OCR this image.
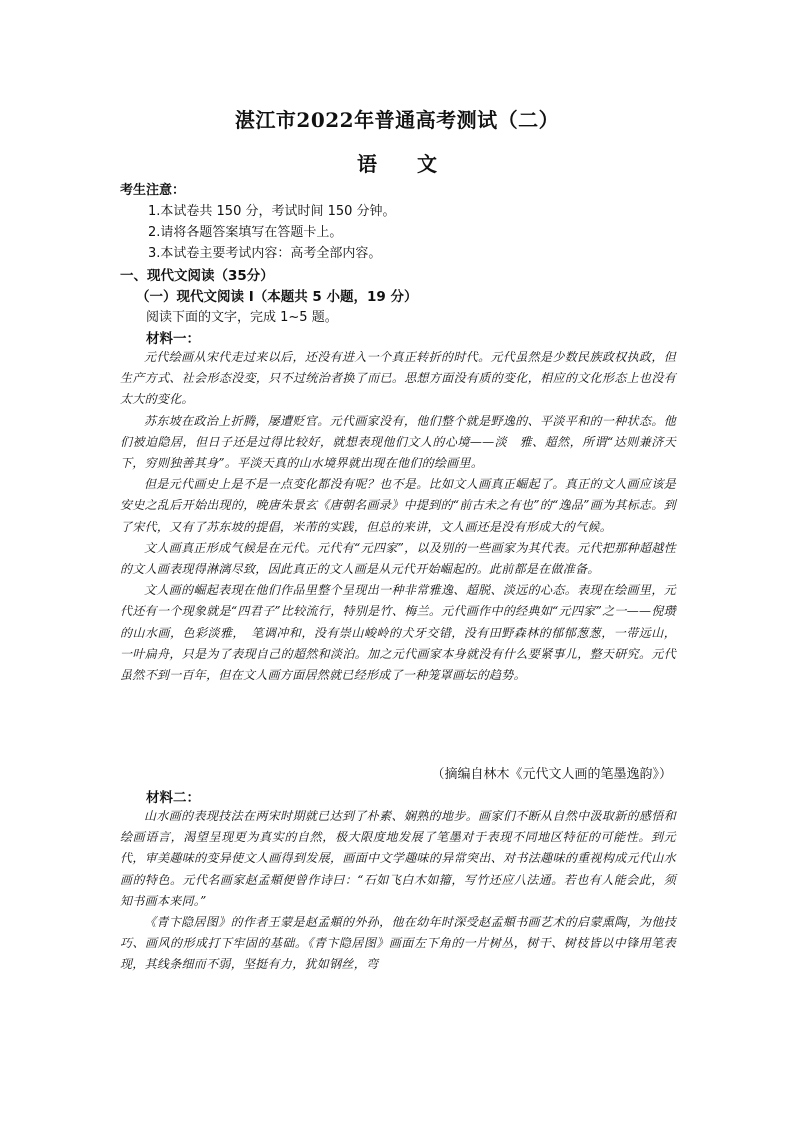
湛江市2022年普通高考测试（二）
语文
考生注意：
1.本试卷共 150 分，考试时间 150 分钟。
2.请将各题答案填写在答题卡上。
3.本试卷主要考试内容：高考全部内容。
一、现代文阅读（35分）
（一）现代文阅读 I（本题共 5 小题，19 分）
阅读下面的文字，完成 1~5 题。
材料一：

元代绘画从宋代走过来以后，还没有进入一个真正转折的时代。元代虽然是少数民族政权执政，但生产方式、社会形态没变，只不过统治者换了而已。思想方面没有质的变化，相应的文化形态上也没有太大的变化。

苏东坡在政治上折腾，屡遭贬官。元代画家没有，他们整个就是野逸的、平淡平和的一种状态。他们被迫隐居，但日子还是过得比较好，就想表现他们文人的心境——淡　雅、超然，所谓“达则兼济天下，穷则独善其身”。平淡天真的山水境界就出现在他们的绘画里。

但是元代画史上是不是一点变化都没有呢？也不是。比如文人画真正崛起了。真正的文人画应该是安史之乱后开始出现的，晚唐朱景玄《唐朝名画录》中提到的“前古未之有也”的“逸品”画为其标志。到了宋代，又有了苏东坡的提倡，米芾的实践，但总的来讲，文人画还是没有形成大的气候。

文人画真正形成气候是在元代。元代有“元四家”，以及别的一些画家为其代表。元代把那种超越性的文人画表现得淋漓尽致，因此真正的文人画是从元代开始崛起的。此前都是在做准备。

文人画的崛起表现在他们作品里整个呈现出一种非常雅逸、超脱、淡远的心态。表现在绘画里，元代还有一个现象就是“四君子”比较流行，特别是竹、梅兰。元代画作中的经典如“元四家”之一——倪瓒的山水画，色彩淡雅，　笔调冲和，没有崇山峻岭的犬牙交错，没有田野森林的郁郁葱葱，一带远山，一叶扁舟，只是为了表现自己的超然和淡泊。加之元代画家本身就没有什么要紧事儿，整天研究。元代虽然不到一百年，但在文人画方面居然就已经形成了一种笼罩画坛的趋势。

（摘编自林木《元代文人画的笔墨逸韵》）
材料二：

山水画的表现技法在两宋时期就已达到了朴素、娴熟的地步。画家们不断从自然中汲取新的感悟和绘画语言，渴望呈现更为真实的自然，极大限度地发展了笔墨对于表现不同地区特征的可能性。到元代，审美趣味的变异使文人画得到发展，画面中文学趣味的异常突出、对书法趣味的重视构成元代山水画的特色。元代名画家赵孟頫便曾作诗曰：“石如飞白木如籀，写竹还应八法通。若也有人能会此，须知书画本来同。”

《青卞隐居图》的作者王蒙是赵孟頫的外孙，他在幼年时深受赵孟頫书画艺术的启蒙熏陶，为他技巧、画风的形成打下牢固的基础。《青卞隐居图》画面左下角的一片树丛，树干、树枝皆以中锋用笔表现，其线条细而不弱，坚挺有力，犹如钢丝，弯
